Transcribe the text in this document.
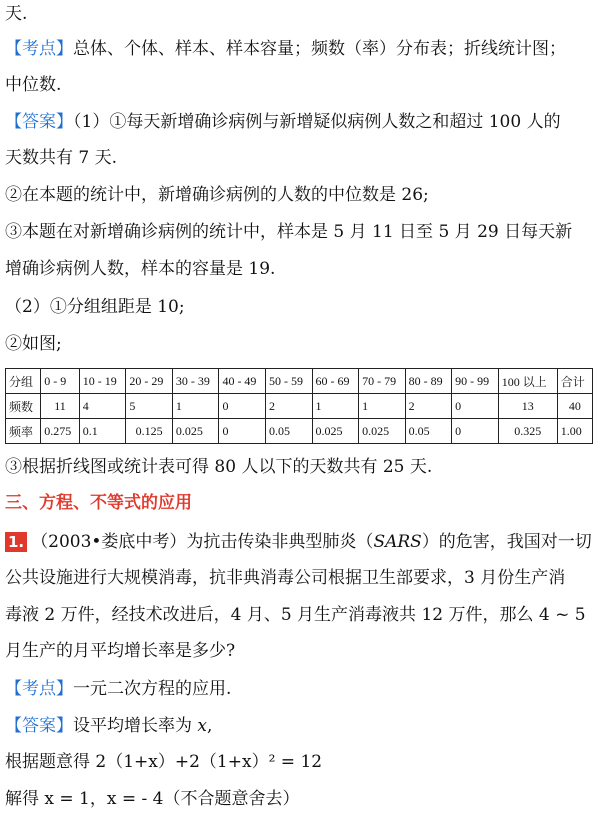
天.
【考点】总体、个体、样本、样本容量；频数（率）分布表；折线统计图；
中位数.
【答案】（1）①每天新增确诊病例与新增疑似病例人数之和超过 100 人的
天数共有 7 天.
②在本题的统计中，新增确诊病例的人数的中位数是 26;
③本题在对新增确诊病例的统计中，样本是 5 月 11 日至 5 月 29 日每天新
增确诊病例人数，样本的容量是 19.
（2）①分组组距是 10;
②如图;
分组	0 - 9	10 - 19	20 - 29	30 - 39	40 - 49	50 - 59	60 - 69	70 - 79	80 - 89	90 - 99	100 以上	合计
频数	11	4	5	1	0	2	1	1	2	0	13	40
频率	0.275	0.1	0.125	0.025	0	0.05	0.025	0.025	0.05	0	0.325	1.00
③根据折线图或统计表可得 80 人以下的天数共有 25 天.
三、方程、不等式的应用
1. （2003•娄底中考）为抗击传染非典型肺炎（SARS）的危害，我国对一切
公共设施进行大规模消毒，抗非典消毒公司根据卫生部要求，3 月份生产消
毒液 2 万件，经技术改进后，4 月、5 月生产消毒液共 12 万件，那么 4 ~ 5
月生产的月平均增长率是多少?
【考点】一元二次方程的应用.
【答案】设平均增长率为 x,
根据题意得 2（1+x）+2（1+x）² = 12
解得 x = 1，x = - 4（不合题意舍去）
